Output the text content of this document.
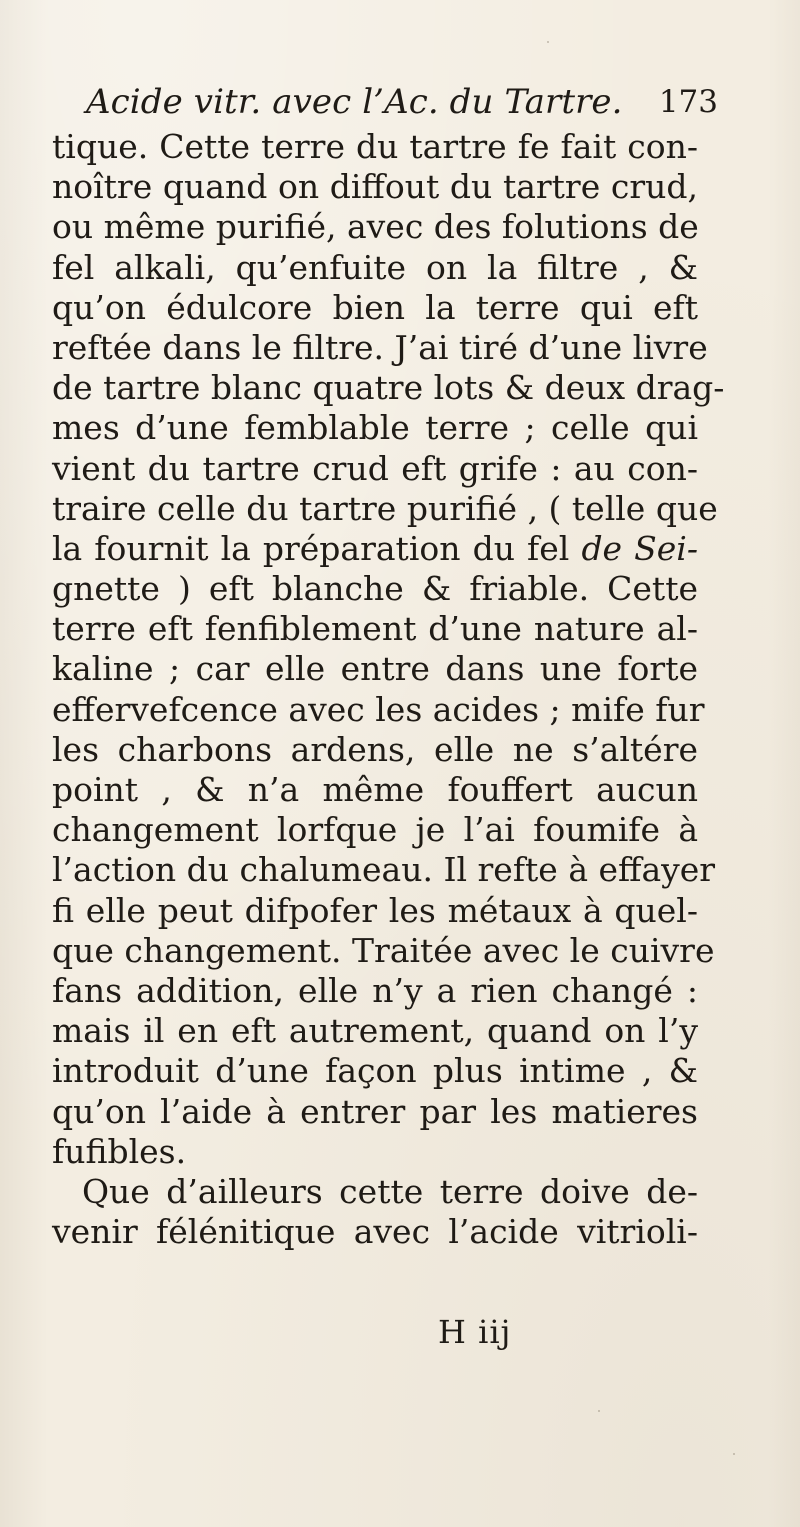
Acide vitr. avec l’Ac. du Tartre. 173
tique. Cette terre du tartre fe fait con-
noître quand on diffout du tartre crud,
ou même purifié, avec des folutions de
fel alkali, qu’enfuite on la filtre , &
qu’on édulcore bien la terre qui eft
reftée dans le filtre. J’ai tiré d’une livre
de tartre blanc quatre lots & deux drag-
mes d’une femblable terre ; celle qui
vient du tartre crud eft grife : au con-
traire celle du tartre purifié , ( telle que
la fournit la préparation du fel de Sei-
gnette ) eft blanche & friable. Cette
terre eft fenfiblement d’une nature al-
kaline ; car elle entre dans une forte
effervefcence avec les acides ; mife fur
les charbons ardens, elle ne s’altére
point , & n’a même fouffert aucun
changement lorfque je l’ai foumife à
l’action du chalumeau. Il refte à effayer
fi elle peut difpofer les métaux à quel-
que changement. Traitée avec le cuivre
fans addition, elle n’y a rien changé :
mais il en eft autrement, quand on l’y
introduit d’une façon plus intime , &
qu’on l’aide à entrer par les matieres
fufibles.
Que d’ailleurs cette terre doive de-
venir félénitique avec l’acide vitrioli-
H iij
